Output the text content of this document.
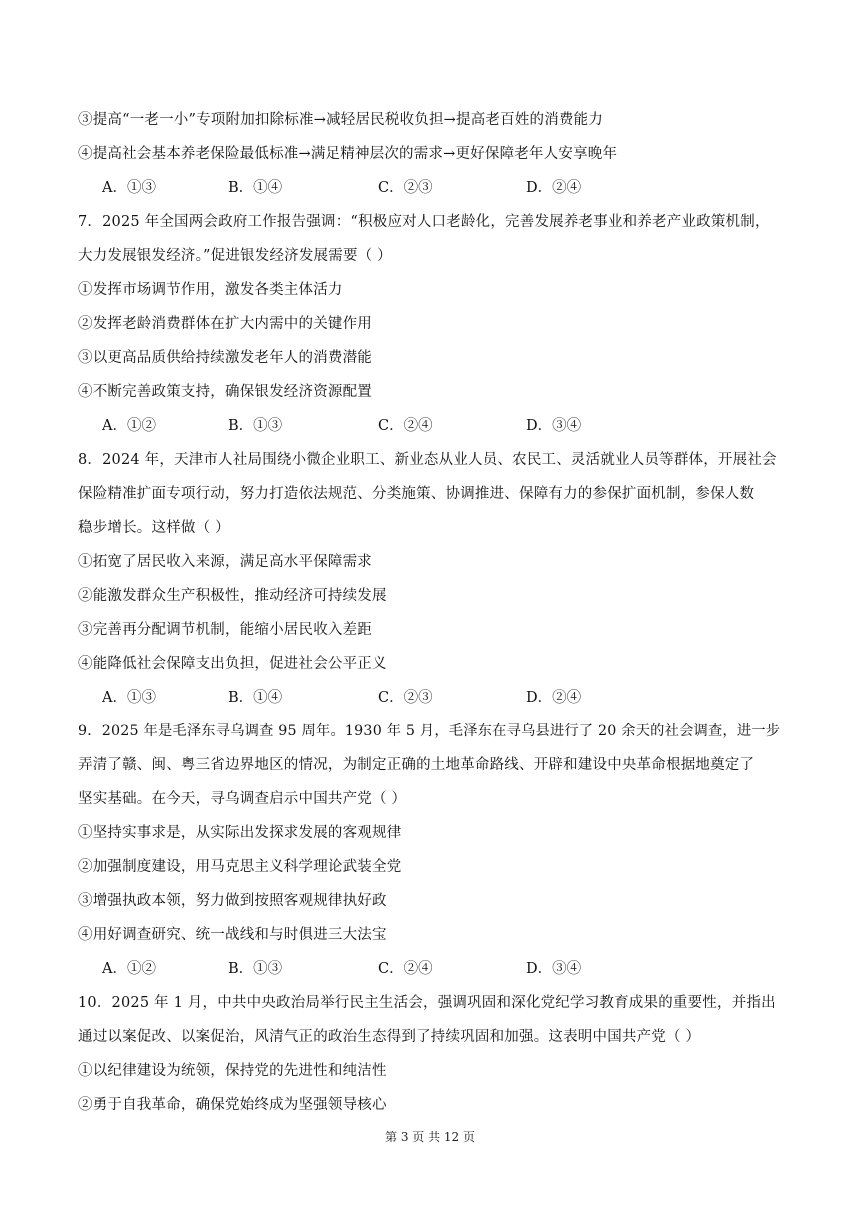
③提高“一老一小”专项附加扣除标准→减轻居民税收负担→提高老百姓的消费能力
④提高社会基本养老保险最低标准→满足精神层次的需求→更好保障老年人安享晚年
A．①③	B．①④	C．②③	D．②④
7．2025 年全国两会政府工作报告强调：“积极应对人口老龄化，完善发展养老事业和养老产业政策机制，
大力发展银发经济。”促进银发经济发展需要（ ）
①发挥市场调节作用，激发各类主体活力
②发挥老龄消费群体在扩大内需中的关键作用
③以更高品质供给持续激发老年人的消费潜能
④不断完善政策支持，确保银发经济资源配置
A．①②	B．①③	C．②④	D．③④
8．2024 年，天津市人社局围绕小微企业职工、新业态从业人员、农民工、灵活就业人员等群体，开展社会
保险精准扩面专项行动，努力打造依法规范、分类施策、协调推进、保障有力的参保扩面机制，参保人数
稳步增长。这样做（ ）
①拓宽了居民收入来源，满足高水平保障需求
②能激发群众生产积极性，推动经济可持续发展
③完善再分配调节机制，能缩小居民收入差距
④能降低社会保障支出负担，促进社会公平正义
A．①③	B．①④	C．②③	D．②④
9．2025 年是毛泽东寻乌调查 95 周年。1930 年 5 月，毛泽东在寻乌县进行了 20 余天的社会调查，进一步
弄清了赣、闽、粤三省边界地区的情况，为制定正确的土地革命路线、开辟和建设中央革命根据地奠定了
坚实基础。在今天，寻乌调查启示中国共产党（ ）
①坚持实事求是，从实际出发探求发展的客观规律
②加强制度建设，用马克思主义科学理论武装全党
③增强执政本领，努力做到按照客观规律执好政
④用好调查研究、统一战线和与时俱进三大法宝
A．①②	B．①③	C．②④	D．③④
10．2025 年 1 月，中共中央政治局举行民主生活会，强调巩固和深化党纪学习教育成果的重要性，并指出
通过以案促改、以案促治，风清气正的政治生态得到了持续巩固和加强。这表明中国共产党（ ）
①以纪律建设为统领，保持党的先进性和纯洁性
②勇于自我革命，确保党始终成为坚强领导核心
第 3 页 共 12 页
